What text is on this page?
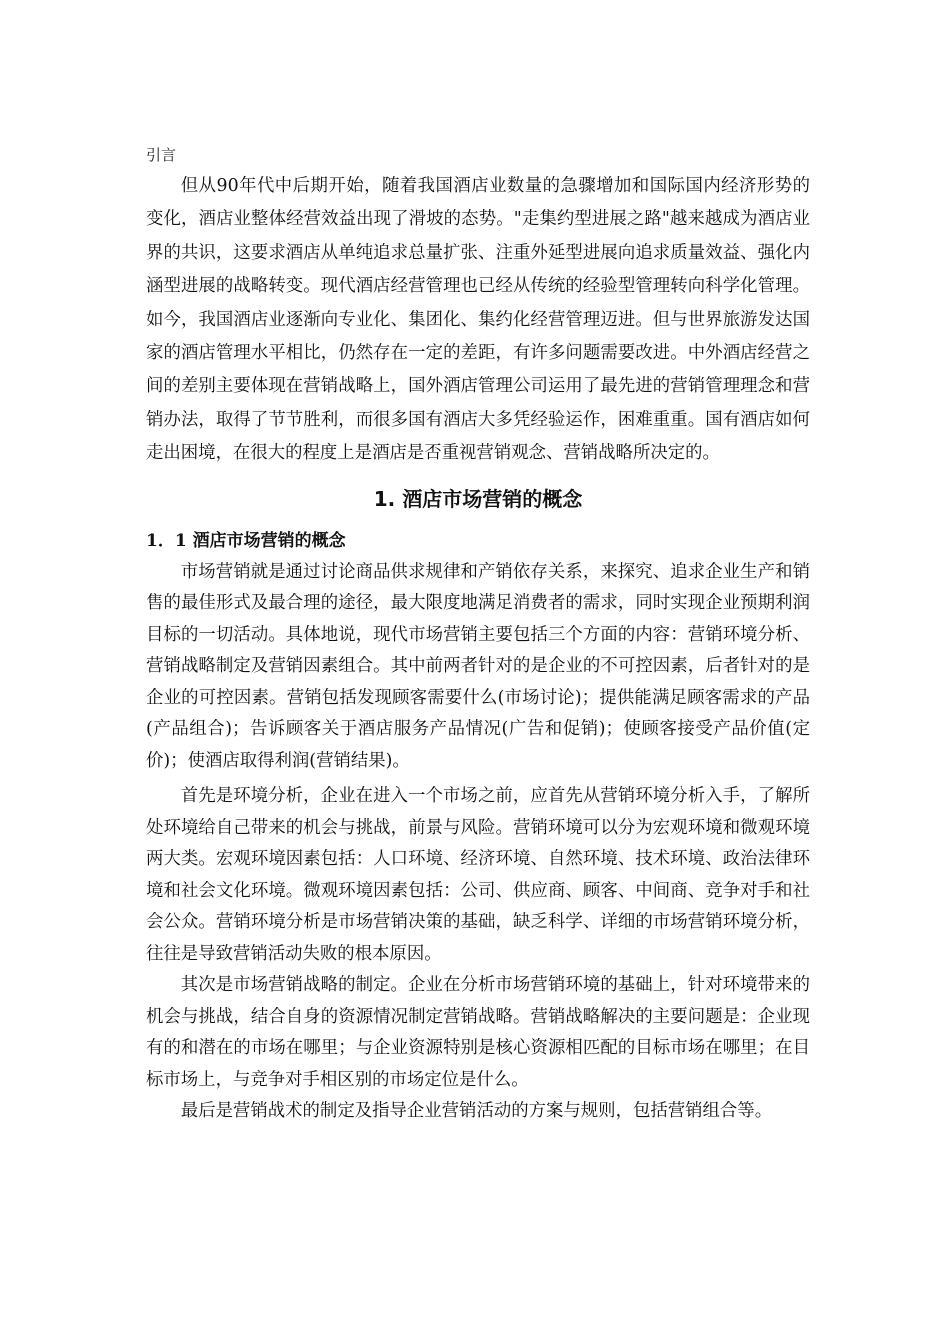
引言

但从90年代中后期开始，随着我国酒店业数量的急骤增加和国际国内经济形势的变化，酒店业整体经营效益出现了滑坡的态势。"走集约型进展之路"越来越成为酒店业界的共识，这要求酒店从单纯追求总量扩张、注重外延型进展向追求质量效益、强化内涵型进展的战略转变。现代酒店经营管理也已经从传统的经验型管理转向科学化管理。如今，我国酒店业逐渐向专业化、集团化、集约化经营管理迈进。但与世界旅游发达国家的酒店管理水平相比，仍然存在一定的差距，有许多问题需要改进。中外酒店经营之间的差别主要体现在营销战略上，国外酒店管理公司运用了最先进的营销管理理念和营销办法，取得了节节胜利，而很多国有酒店大多凭经验运作，困难重重。国有酒店如何走出困境，在很大的程度上是酒店是否重视营销观念、营销战略所决定的。

1. 酒店市场营销的概念
1．1 酒店市场营销的概念

市场营销就是通过讨论商品供求规律和产销依存关系，来探究、追求企业生产和销售的最佳形式及最合理的途径，最大限度地满足消费者的需求，同时实现企业预期利润目标的一切活动。具体地说，现代市场营销主要包括三个方面的内容：营销环境分析、营销战略制定及营销因素组合。其中前两者针对的是企业的不可控因素，后者针对的是企业的可控因素。营销包括发现顾客需要什么(市场讨论)；提供能满足顾客需求的产品(产品组合)；告诉顾客关于酒店服务产品情况(广告和促销)；使顾客接受产品价值(定价)；使酒店取得利润(营销结果)。

首先是环境分析，企业在进入一个市场之前，应首先从营销环境分析入手，了解所处环境给自己带来的机会与挑战，前景与风险。营销环境可以分为宏观环境和微观环境两大类。宏观环境因素包括：人口环境、经济环境、自然环境、技术环境、政治法律环境和社会文化环境。微观环境因素包括：公司、供应商、顾客、中间商、竞争对手和社会公众。营销环境分析是市场营销决策的基础，缺乏科学、详细的市场营销环境分析，往往是导致营销活动失败的根本原因。

其次是市场营销战略的制定。企业在分析市场营销环境的基础上，针对环境带来的机会与挑战，结合自身的资源情况制定营销战略。营销战略解决的主要问题是：企业现有的和潜在的市场在哪里；与企业资源特别是核心资源相匹配的目标市场在哪里；在目标市场上，与竞争对手相区别的市场定位是什么。

最后是营销战术的制定及指导企业营销活动的方案与规则，包括营销组合等。
